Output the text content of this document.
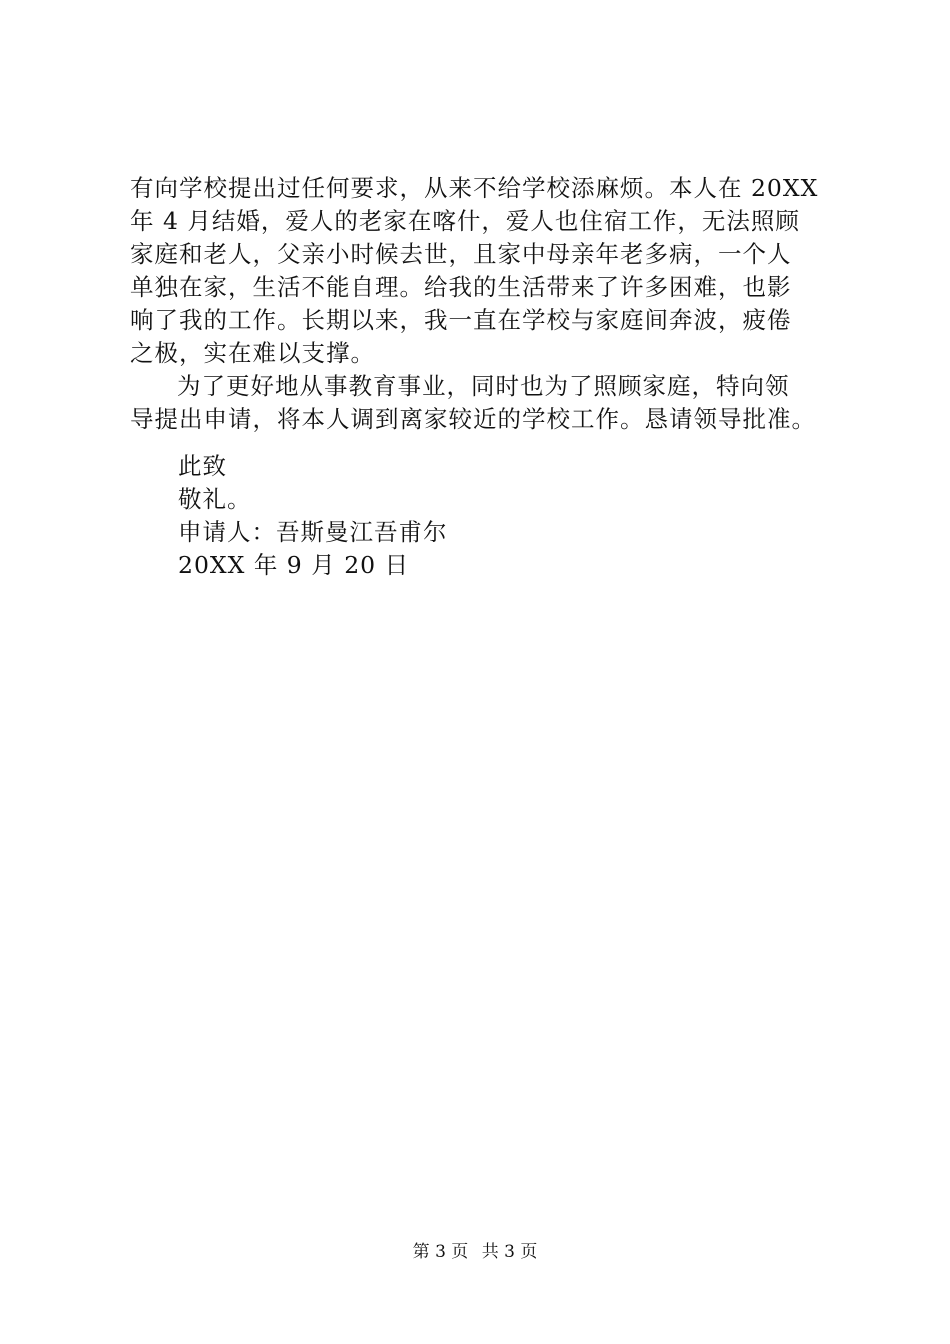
有向学校提出过任何要求，从来不给学校添麻烦。本人在 20XX
年 4 月结婚，爱人的老家在喀什，爱人也住宿工作，无法照顾
家庭和老人，父亲小时候去世，且家中母亲年老多病，一个人
单独在家，生活不能自理。给我的生活带来了许多困难，也影
响了我的工作。长期以来，我一直在学校与家庭间奔波，疲倦
之极，实在难以支撑。
为了更好地从事教育事业，同时也为了照顾家庭，特向领
导提出申请，将本人调到离家较近的学校工作。恳请领导批准。
此致
敬礼。
申请人：吾斯曼江吾甫尔
20XX 年 9 月 20 日
第 3 页 共 3 页
